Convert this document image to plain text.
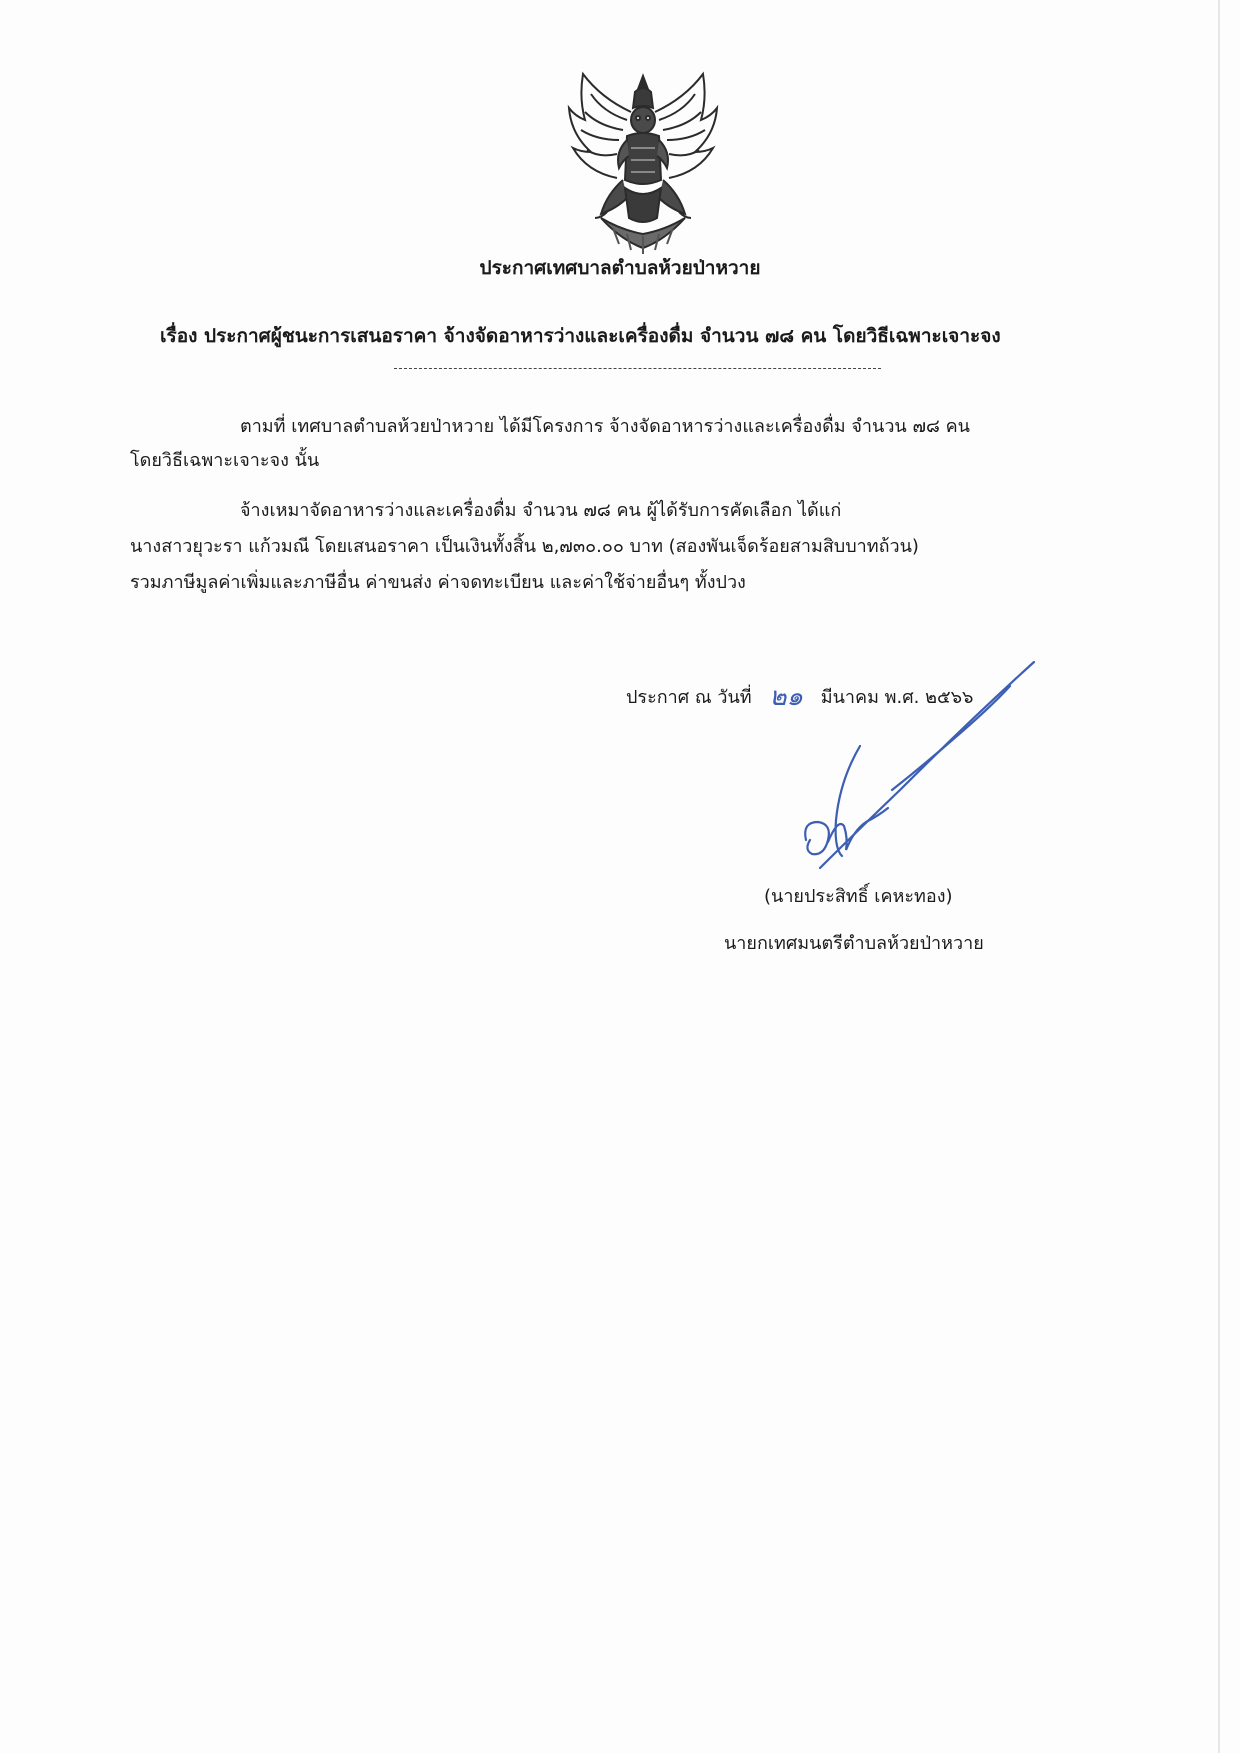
ประกาศเทศบาลตำบลห้วยป่าหวาย
เรื่อง ประกาศผู้ชนะการเสนอราคา จ้างจัดอาหารว่างและเครื่องดื่ม จำนวน ๗๘ คน โดยวิธีเฉพาะเจาะจง
ตามที่ เทศบาลตำบลห้วยป่าหวาย ได้มีโครงการ จ้างจัดอาหารว่างและเครื่องดื่ม จำนวน ๗๘ คน
โดยวิธีเฉพาะเจาะจง นั้น
จ้างเหมาจัดอาหารว่างและเครื่องดื่ม จำนวน ๗๘ คน ผู้ได้รับการคัดเลือก ได้แก่
นางสาวยุวะรา แก้วมณี โดยเสนอราคา เป็นเงินทั้งสิ้น ๒,๗๓๐.๐๐ บาท (สองพันเจ็ดร้อยสามสิบบาทถ้วน)
รวมภาษีมูลค่าเพิ่มและภาษีอื่น ค่าขนส่ง ค่าจดทะเบียน และค่าใช้จ่ายอื่นๆ ทั้งปวง
ประกาศ ณ วันที่ ๒๑ มีนาคม พ.ศ. ๒๕๖๖
(นายประสิทธิ์ เคหะทอง)
นายกเทศมนตรีตำบลห้วยป่าหวาย
